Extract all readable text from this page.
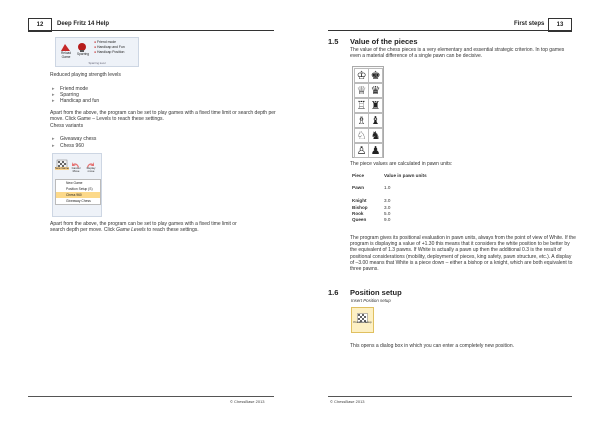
12	Deep Fritz 14 Help
Reload Game
Sparring
● Friend mode
● Handicap and Fun
● Handicap Position
Sparring level
Reduced playing strength levels
▸ Friend mode
▸ Sparring
▸ Handicap and fun
Apart from the above, the program can be set to play games with a fixed time limit or search depth per move. Click Game – Levels to reach these settings.
Chess variants
▸ Giveaway chess
▸ Chess 960
New Game Cancel Move
Replay move
New Game
Position Setup (S)
Chess 960
Giveaway Chess
Apart from the above, the program can be set to play games with a fixed time limit or
search depth per move. Click Game Levels to reach these settings.
© ChessBase 2013
First steps	13
1.5 Value of the pieces
The value of the chess pieces is a very elementary and essential strategic criterion. In top games even a material difference of a single pawn can be decisive.
♔ ♚
♕ ♛
♖ ♜
♗ ♝
♘ ♞
♙ ♟
The piece values are calculated in pawn units:
Piece	Value in pawn units

Pawn	1.0

Knight	3.0
Bishop	3.0
Rook	5.0
Queen	9.0
The program gives its positional evaluation in pawn units, always from the point of view of White. If the program is displaying a value of +1.30 this means that it considers the white position to be better by the equivalent of 1.3 pawns. If White is actually a pawn up then the additional 0.3 is the result of positional considerations (mobility, deployment of pieces, king safety, pawn structure, etc.). A display of –3.00 means that White is a piece down – either a bishop or a knight, which are both equivalent to three pawns.
1.6 Position setup
Insert Position setup
Position Setup
This opens a dialog box in which you can enter a completely new position.
© ChessBase 2013
